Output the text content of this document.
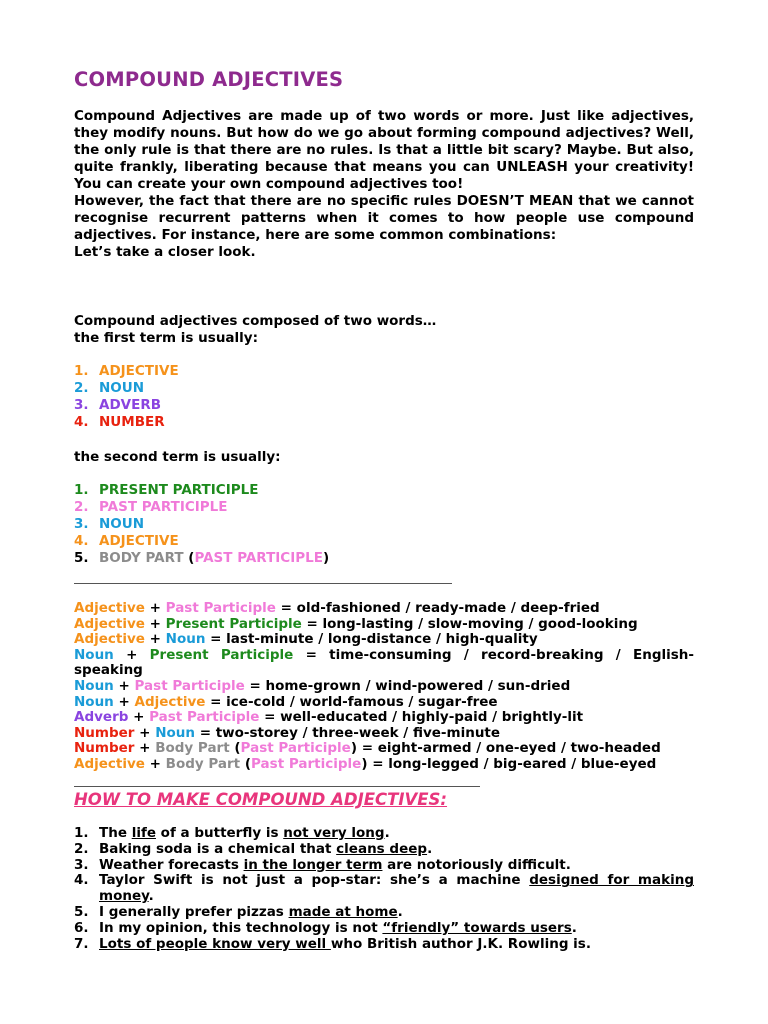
COMPOUND ADJECTIVES
Compound Adjectives are made up of two words or more. Just like adjectives, they modify nouns. But how do we go about forming compound adjectives? Well, the only rule is that there are no rules. Is that a little bit scary? Maybe. But also, quite frankly, liberating because that means you can UNLEASH your creativity! You can create your own compound adjectives too!
However, the fact that there are no specific rules DOESN’T MEAN that we cannot recognise recurrent patterns when it comes to how people use compound adjectives. For instance, here are some common combinations:
Let’s take a closer look.
Compound adjectives composed of two words…
the first term is usually:
1. ADJECTIVE
2. NOUN
3. ADVERB
4. NUMBER
the second term is usually:
1. PRESENT PARTICIPLE
2. PAST PARTICIPLE
3. NOUN
4. ADJECTIVE
5. BODY PART (PAST PARTICIPLE)
Adjective + Past Participle = old-fashioned / ready-made / deep-fried
Adjective + Present Participle = long-lasting / slow-moving / good-looking
Adjective + Noun = last-minute / long-distance / high-quality
Noun + Present Participle = time-consuming / record-breaking / English-
speaking
Noun + Past Participle = home-grown / wind-powered / sun-dried
Noun + Adjective = ice-cold / world-famous / sugar-free
Adverb + Past Participle = well-educated / highly-paid / brightly-lit
Number + Noun = two-storey / three-week / five-minute
Number + Body Part (Past Participle) = eight-armed / one-eyed / two-headed
Adjective + Body Part (Past Participle) = long-legged / big-eared / blue-eyed
HOW TO MAKE COMPOUND ADJECTIVES:
1. The life of a butterfly is not very long.
2. Baking soda is a chemical that cleans deep.
3. Weather forecasts in the longer term are notoriously difficult.
4. Taylor Swift is not just a pop-star: she’s a machine designed for making
money.
5. I generally prefer pizzas made at home.
6. In my opinion, this technology is not “friendly” towards users.
7. Lots of people know very well who British author J.K. Rowling is.
